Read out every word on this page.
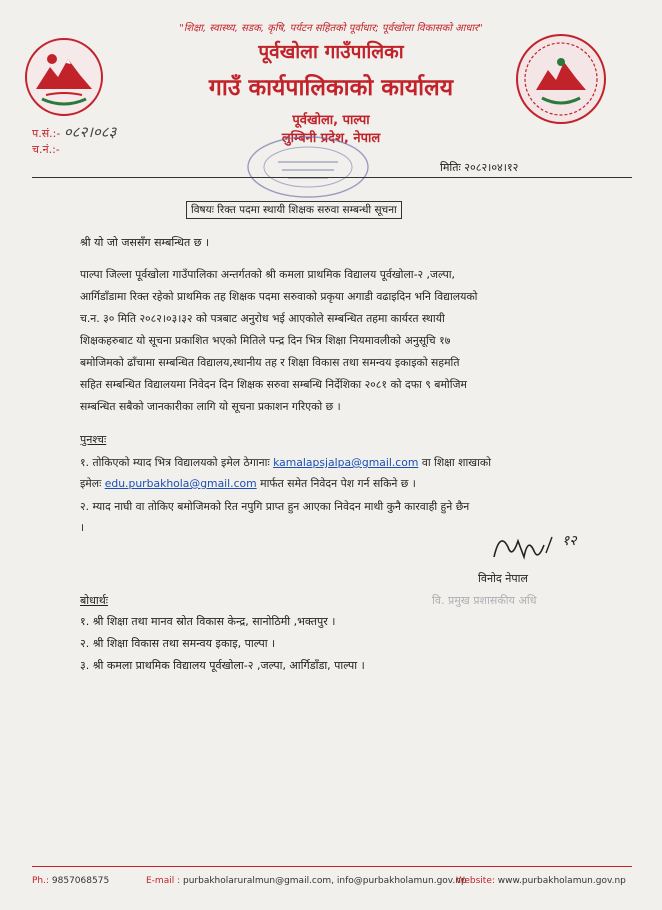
"शिक्षा, स्वास्थ्य, सडक, कृषि, पर्यटन सहितको पूर्वाधार; पूर्वखोला विकासको आधार"
पूर्वखोला गाउँपालिका
गाउँ कार्यपालिकाको कार्यालय
पूर्वखोला, पाल्पा
लुम्बिनी प्रदेश, नेपाल
प.सं.:- ०८२।०८३
च.नं.:-
मितिः २०८२।०४।१२
विषयः रिक्त पदमा स्थायी शिक्षक सरुवा सम्बन्धी सूचना
श्री यो जो जससँग सम्बन्धित छ ।

पाल्पा जिल्ला पूर्वखोला गाउँपालिका अन्तर्गतको श्री कमला प्राथमिक विद्यालय पूर्वखोला-२ ,जल्पा,

आर्गिडाँडामा रिक्त रहेको प्राथमिक तह शिक्षक पदमा सरुवाको प्रकृया अगाडी वढाइदिन भनि विद्यालयको

च.न. ३० मिति २०८२।०३।३२ को पत्रबाट अनुरोध भई आएकोले सम्बन्धित तहमा कार्यरत स्थायी

शिक्षकहरुबाट यो सूचना प्रकाशित भएको मितिले पन्द्र दिन भित्र शिक्षा नियमावलीको अनुसूचि १७

बमोजिमको ढाँचामा सम्बन्धित विद्यालय,स्थानीय तह र शिक्षा विकास तथा समन्वय इकाइको सहमति

सहित सम्बन्धित विद्यालयमा निवेदन दिन शिक्षक सरुवा सम्बन्धि निर्देशिका २०८१ को दफा ९ बमोजिम

सम्बन्धित सबैको जानकारीका लागि यो सूचना प्रकाशन गरिएको छ ।

पुनश्चः
१. तोकिएको म्याद भित्र विद्यालयको इमेल ठेगानाः kamalapsjalpa@gmail.com वा शिक्षा शाखाको
इमेलः edu.purbakhola@gmail.com मार्फत समेत निवेदन पेश गर्न सकिने छ ।
२. म्याद नाघी वा तोकिए बमोजिमको रित नपुगि प्राप्त हुन आएका निवेदन माथी कुनै कारवाही हुने छैन
।
१२
विनोद नेपाल
वि. प्रमुख प्रशासकीय अधि
बोधार्थः
१. श्री शिक्षा तथा मानव स्रोत विकास केन्द्र, सानोठिमी ,भक्तपुर ।
२. श्री शिक्षा विकास तथा समन्वय इकाइ, पाल्पा ।
३. श्री कमला प्राथमिक विद्यालय पूर्वखोला-२ ,जल्पा, आर्गिडाँडा, पाल्पा ।
Ph.: 9857068575	E-mail : purbakholaruralmun@gmail.com, info@purbakholamun.gov.np
Website: www.purbakholamun.gov.np
